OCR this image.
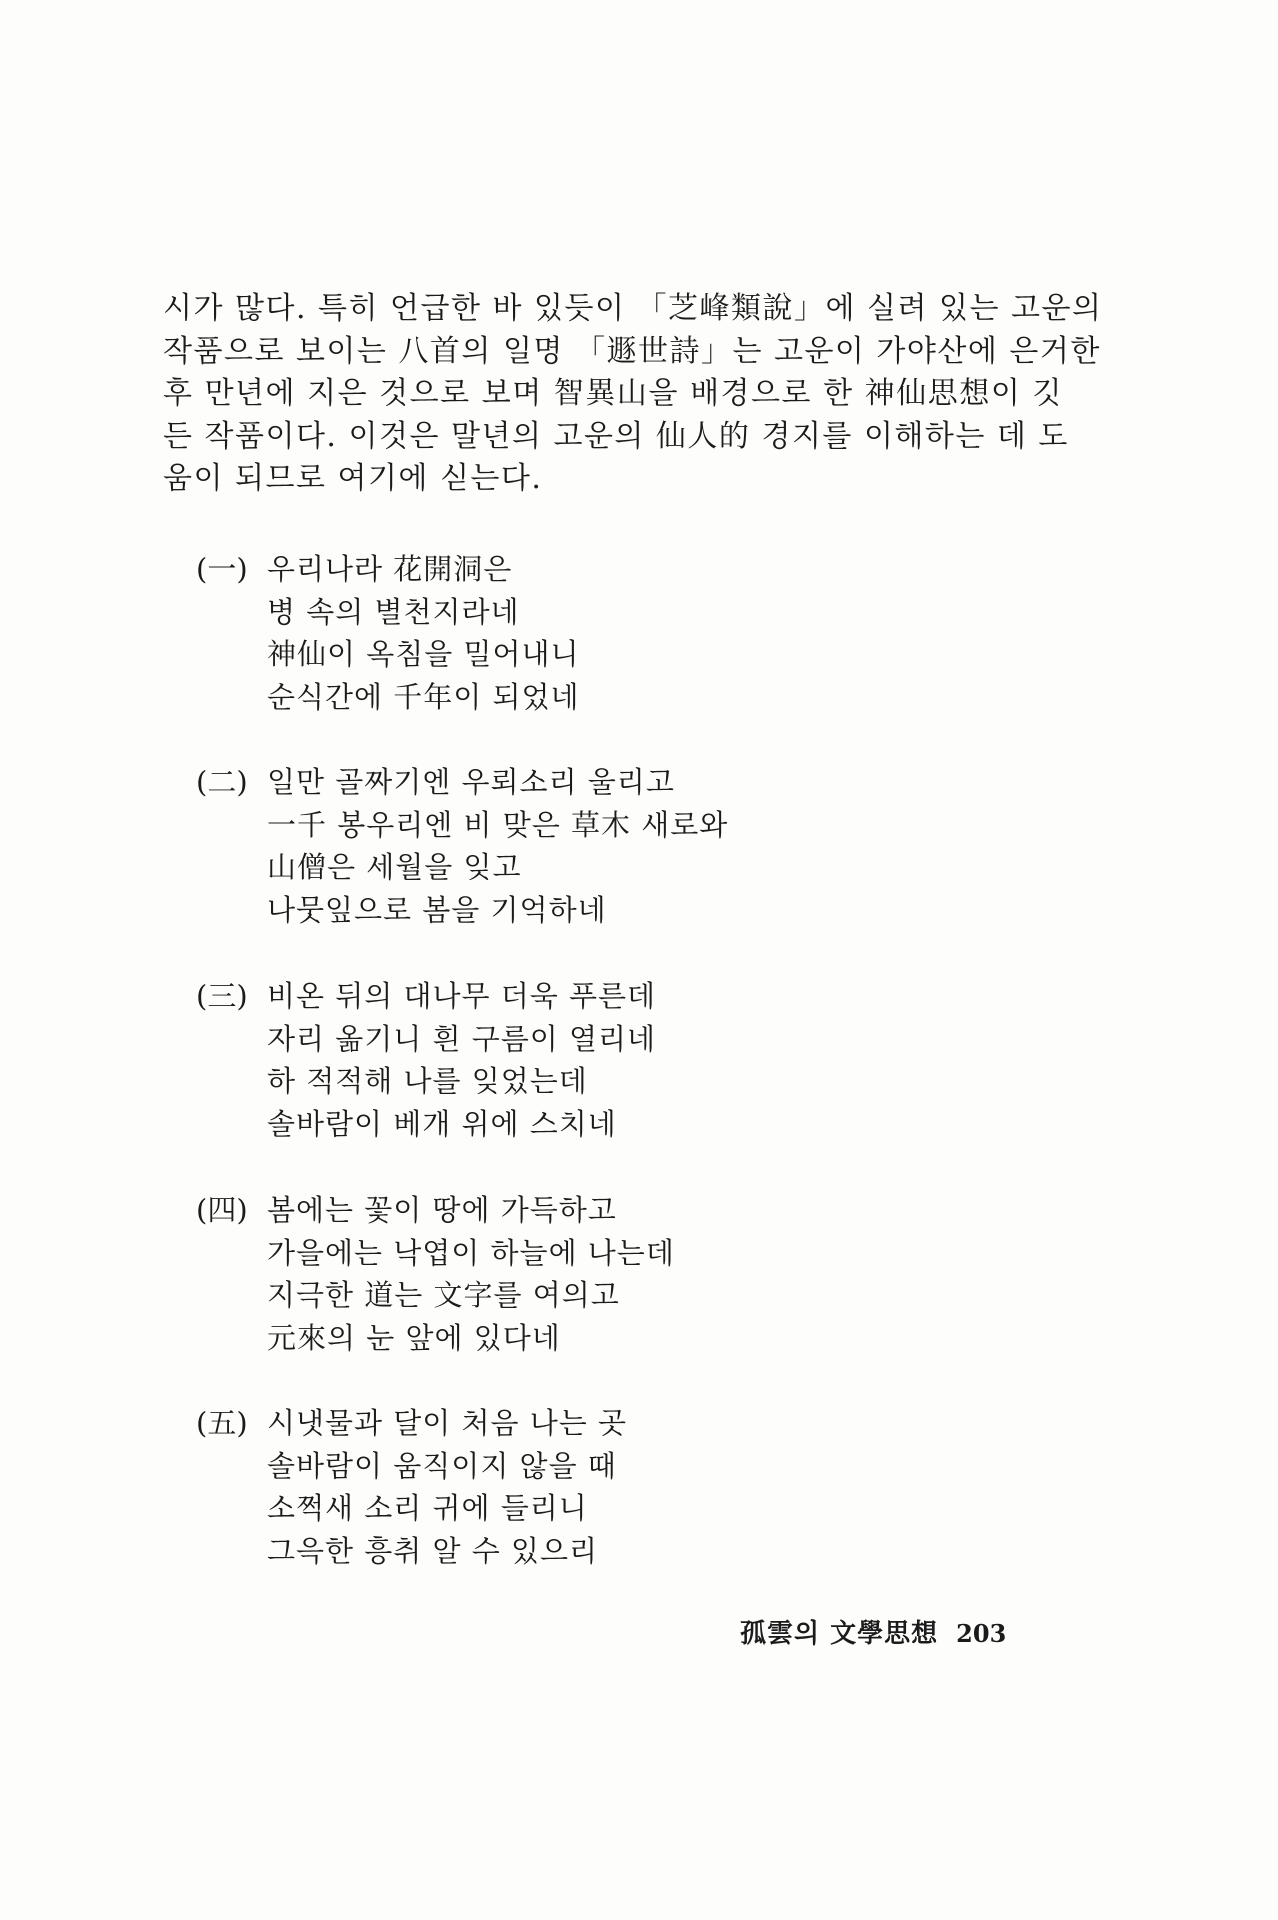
시가 많다. 특히 언급한 바 있듯이 「芝峰類說」에 실려 있는 고운의
작품으로 보이는 八首의 일명 「遯世詩」는 고운이 가야산에 은거한
후 만년에 지은 것으로 보며 智異山을 배경으로 한 神仙思想이 깃
든 작품이다. 이것은 말년의 고운의 仙人的 경지를 이해하는 데 도
움이 되므로 여기에 싣는다.
(一) 우리나라 花開洞은
병 속의 별천지라네
神仙이 옥침을 밀어내니
순식간에 千年이 되었네
(二) 일만 골짜기엔 우뢰소리 울리고
一千 봉우리엔 비 맞은 草木 새로와
山僧은 세월을 잊고
나뭇잎으로 봄을 기억하네
(三) 비온 뒤의 대나무 더욱 푸른데
자리 옮기니 흰 구름이 열리네
하 적적해 나를 잊었는데
솔바람이 베개 위에 스치네
(四) 봄에는 꽃이 땅에 가득하고
가을에는 낙엽이 하늘에 나는데
지극한 道는 文字를 여의고
元來의 눈 앞에 있다네
(五) 시냇물과 달이 처음 나는 곳
솔바람이 움직이지 않을 때
소쩍새 소리 귀에 들리니
그윽한 흥취 알 수 있으리
孤雲의 文學思想 203
